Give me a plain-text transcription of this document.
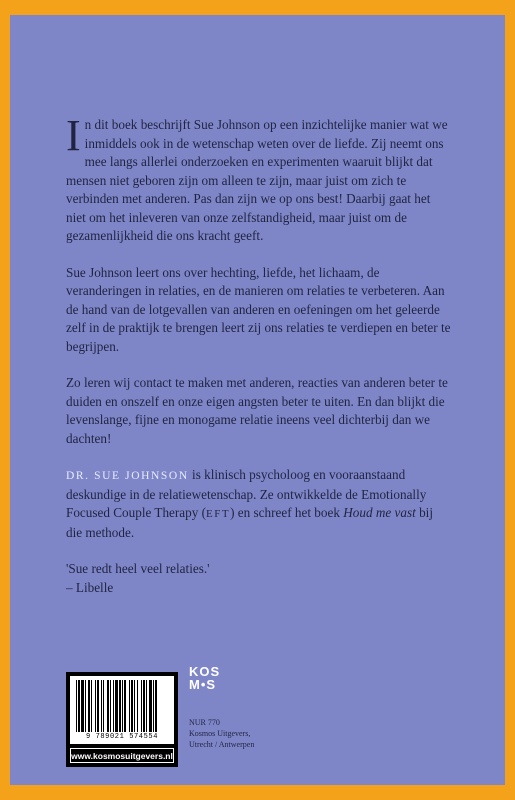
In dit boek beschrijft Sue Johnson op een inzichtelijke manier wat we inmiddels ook in de wetenschap weten over de liefde. Zij neemt ons mee langs allerlei onderzoeken en experimenten waaruit blijkt dat mensen niet geboren zijn om alleen te zijn, maar juist om zich te verbinden met anderen. Pas dan zijn we op ons best! Daarbij gaat het niet om het inleveren van onze zelfstandigheid, maar juist om de gezamenlijkheid die ons kracht geeft.

Sue Johnson leert ons over hechting, liefde, het lichaam, de veranderingen in relaties, en de manieren om relaties te verbeteren. Aan de hand van de lotgevallen van anderen en oefeningen om het geleerde zelf in de praktijk te brengen leert zij ons relaties te verdiepen en beter te begrijpen.

Zo leren wij contact te maken met anderen, reacties van anderen beter te duiden en onszelf en onze eigen angsten beter te uiten. En dan blijkt die levenslange, fijne en monogame relatie ineens veel dichterbij dan we dachten!

DR. SUE JOHNSON is klinisch psycholoog en vooraanstaand deskundige in de relatiewetenschap. Ze ontwikkelde de Emotionally Focused Couple Therapy (EFT) en schreef het boek Houd me vast bij die methode.

'Sue redt heel veel relaties.'
– Libelle

9 789021 574554
www.kosmosuitgevers.nl
KOS
M•S
NUR 770
Kosmos Uitgevers,
Utrecht / Antwerpen
